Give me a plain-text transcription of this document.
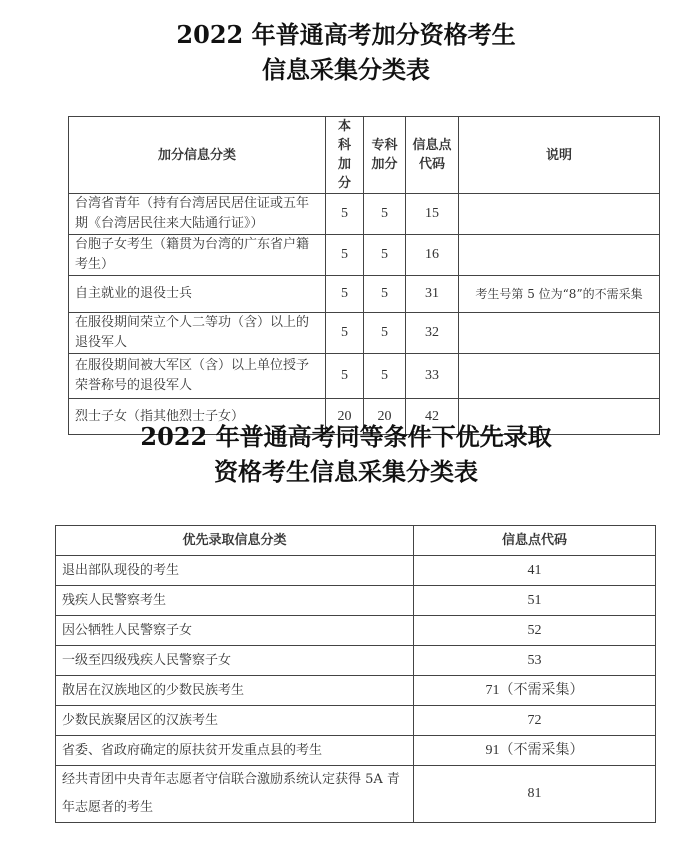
2022 年普通高考加分资格考生
信息采集分类表
加分信息分类	本科加分	专科加分	信息点代码	说明
台湾省青年（持有台湾居民居住证或五年期《台湾居民往来大陆通行证》）	5	5	15	
台胞子女考生（籍贯为台湾的广东省户籍考生）	5	5	16	
自主就业的退役士兵	5	5	31	考生号第 5 位为“8”的不需采集
在服役期间荣立个人二等功（含）以上的退役军人	5	5	32	
在服役期间被大军区（含）以上单位授予荣誉称号的退役军人	5	5	33	
烈士子女（指其他烈士子女）	20	20	42	
2022 年普通高考同等条件下优先录取
资格考生信息采集分类表
优先录取信息分类	信息点代码
退出部队现役的考生	41
残疾人民警察考生	51
因公牺牲人民警察子女	52
一级至四级残疾人民警察子女	53
散居在汉族地区的少数民族考生	71（不需采集）
少数民族聚居区的汉族考生	72
省委、省政府确定的原扶贫开发重点县的考生	91（不需采集）
经共青团中央青年志愿者守信联合激励系统认定获得 5A 青年志愿者的考生	81
